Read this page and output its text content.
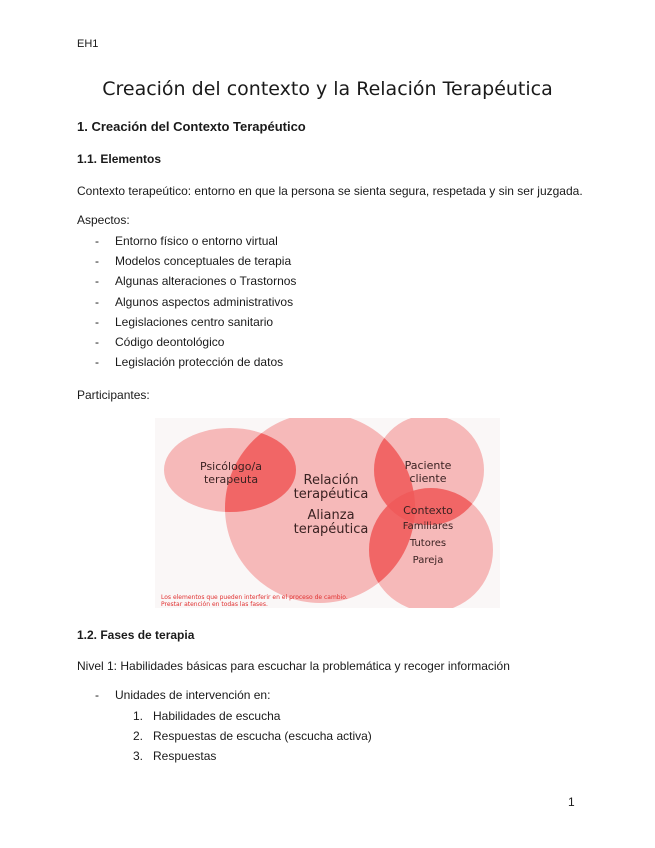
EH1
Creación del contexto y la Relación Terapéutica
1. Creación del Contexto Terapéutico
1.1. Elementos
Contexto terapeútico: entorno en que la persona se sienta segura, respetada y sin ser juzgada.
Aspectos:
- Entorno físico o entorno virtual
- Modelos conceptuales de terapia
- Algunas alteraciones o Trastornos
- Algunos aspectos administrativos
- Legislaciones centro sanitario
- Código deontológico
- Legislación protección de datos
Participantes:
Psicólogo/a
terapeuta	Relación
terapéutica
Alianza
terapéutica
Paciente
cliente
Contexto
Familiares
Tutores
Pareja
Los elementos que pueden interferir en el proceso de cambio.
Prestar atención en todas las fases.
1.2. Fases de terapia
Nivel 1: Habilidades básicas para escuchar la problemática y recoger información
- Unidades de intervención en:
1. Habilidades de escucha
2. Respuestas de escucha (escucha activa)
3. Respuestas
1
